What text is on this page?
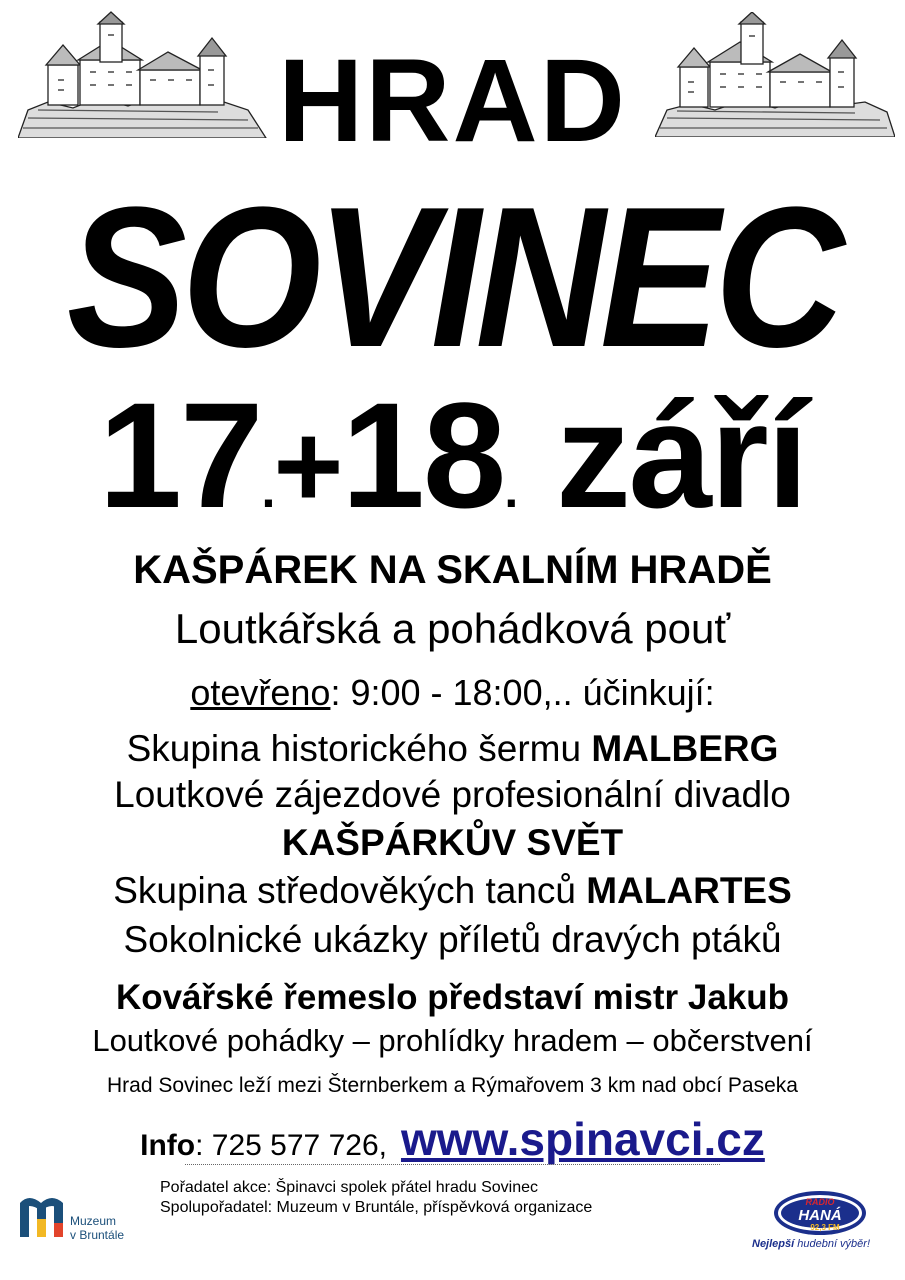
HRAD
SOVINEC
17.+18. září
KAŠPÁREK NA SKALNÍM HRADĚ
Loutkářská a pohádková pouť
otevřeno: 9:00 - 18:00,.. účinkují:
Skupina historického šermu MALBERG
Loutkové zájezdové profesionální divadlo
KAŠPÁRKŮV SVĚT
Skupina středověkých tanců MALARTES
Sokolnické ukázky příletů dravých ptáků
Kovářské řemeslo představí mistr Jakub
Loutkové pohádky – prohlídky hradem – občerstvení
Hrad Sovinec leží mezi Šternberkem a Rýmařovem 3 km nad obcí Paseka
Info: 725 577 726, www.spinavci.cz
Pořadatel akce: Špinavci spolek přátel hradu Sovinec
Spolupořadatel: Muzeum v Bruntále, příspěvková organizace
Muzeum
v Bruntále
RADIO
HANÁ
92,3 FM
Nejlepší hudební výběr!
